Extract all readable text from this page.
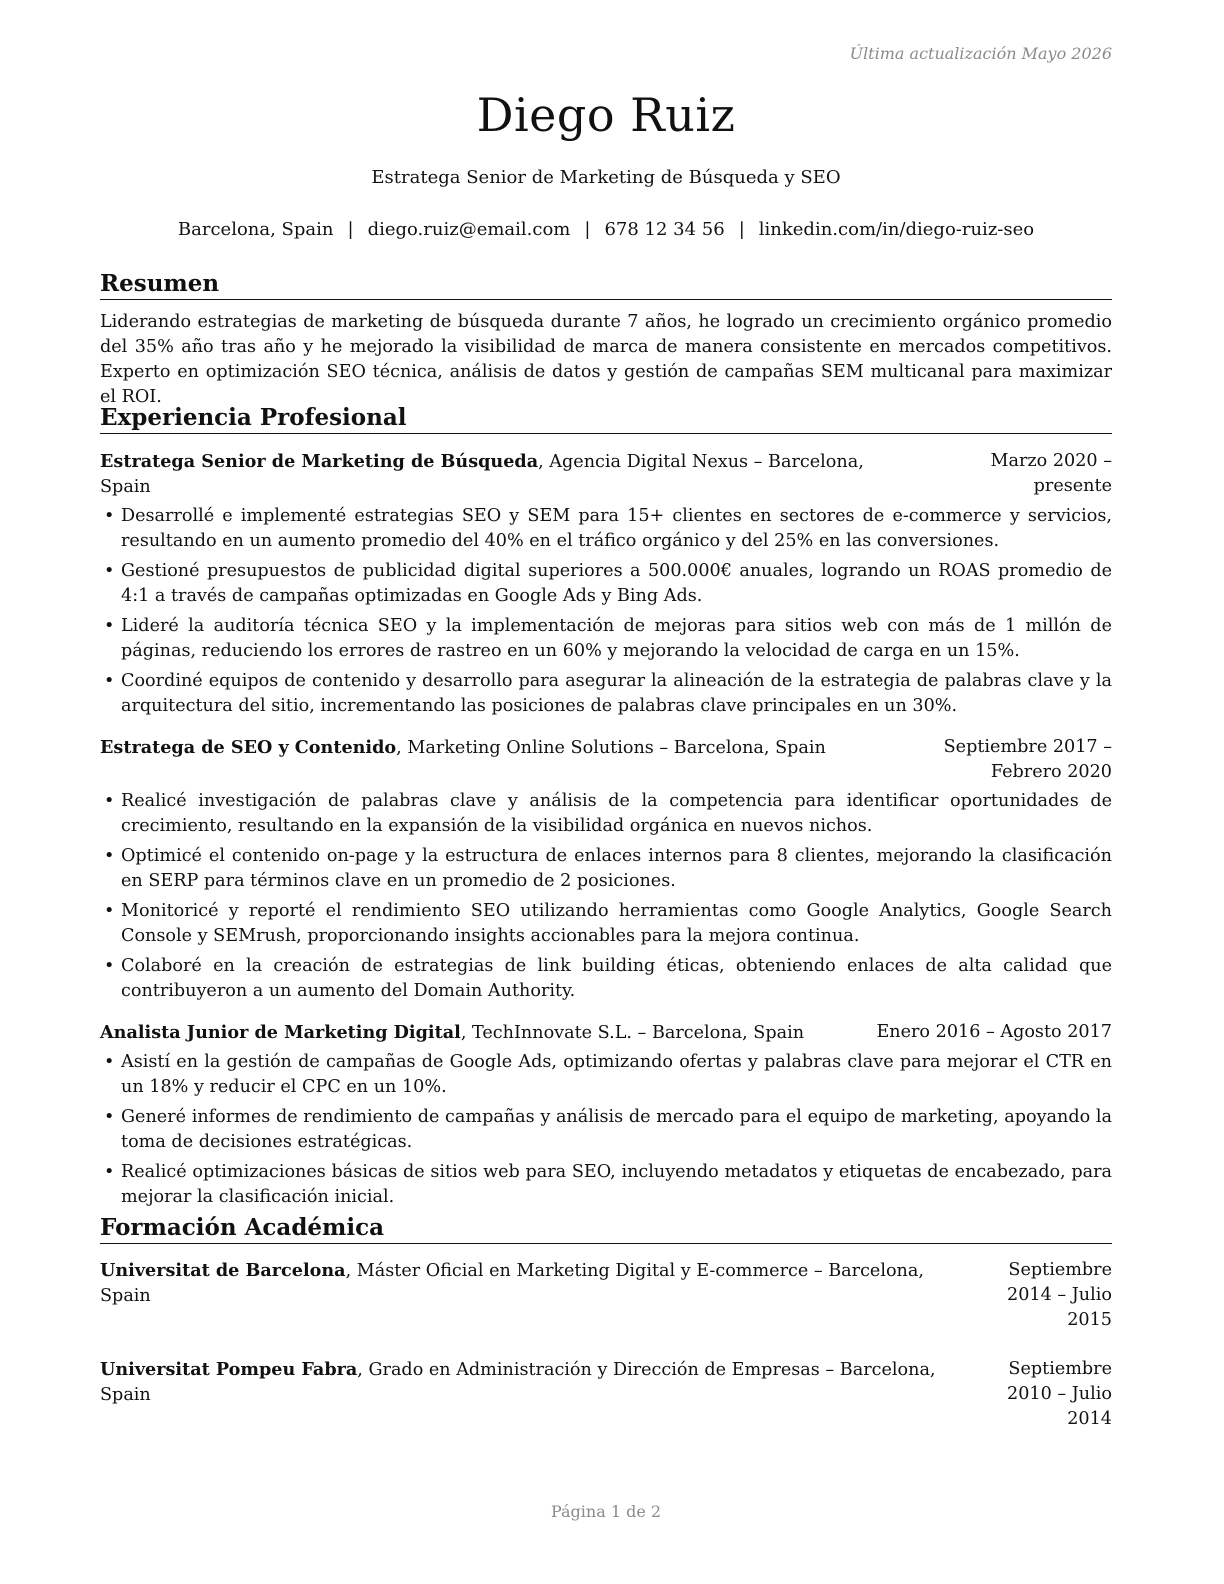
Última actualización Mayo 2026
Diego Ruiz
Estratega Senior de Marketing de Búsqueda y SEO
Barcelona, Spain | diego.ruiz@email.com | 678 12 34 56 | linkedin.com/in/diego-ruiz-seo
Resumen

Liderando estrategias de marketing de búsqueda durante 7 años, he logrado un crecimiento orgánico promedio del 35% año tras año y he mejorado la visibilidad de marca de manera consistente en mercados competitivos. Experto en optimización SEO técnica, análisis de datos y gestión de campañas SEM multicanal para maximizar el ROI.

Experiencia Profesional
Estratega Senior de Marketing de Búsqueda, Agencia Digital Nexus – Barcelona, Spain
Marzo 2020 – presente
• Desarrollé e implementé estrategias SEO y SEM para 15+ clientes en sectores de e-commerce y servicios, resultando en un aumento promedio del 40% en el tráfico orgánico y del 25% en las conversiones.
• Gestioné presupuestos de publicidad digital superiores a 500.000€ anuales, logrando un ROAS promedio de 4:1 a través de campañas optimizadas en Google Ads y Bing Ads.
• Lideré la auditoría técnica SEO y la implementación de mejoras para sitios web con más de 1 millón de páginas, reduciendo los errores de rastreo en un 60% y mejorando la velocidad de carga en un 15%.
• Coordiné equipos de contenido y desarrollo para asegurar la alineación de la estrategia de palabras clave y la arquitectura del sitio, incrementando las posiciones de palabras clave principales en un 30%.
Estratega de SEO y Contenido, Marketing Online Solutions – Barcelona, Spain	Septiembre 2017 – Febrero 2020
• Realicé investigación de palabras clave y análisis de la competencia para identificar oportunidades de crecimiento, resultando en la expansión de la visibilidad orgánica en nuevos nichos.
• Optimicé el contenido on-page y la estructura de enlaces internos para 8 clientes, mejorando la clasificación en SERP para términos clave en un promedio de 2 posiciones.
• Monitoricé y reporté el rendimiento SEO utilizando herramientas como Google Analytics, Google Search Console y SEMrush, proporcionando insights accionables para la mejora continua.
• Colaboré en la creación de estrategias de link building éticas, obteniendo enlaces de alta calidad que contribuyeron a un aumento del Domain Authority.
Analista Junior de Marketing Digital, TechInnovate S.L. – Barcelona, Spain	Enero 2016 – Agosto 2017
• Asistí en la gestión de campañas de Google Ads, optimizando ofertas y palabras clave para mejorar el CTR en un 18% y reducir el CPC en un 10%.
• Generé informes de rendimiento de campañas y análisis de mercado para el equipo de marketing, apoyando la toma de decisiones estratégicas.
• Realicé optimizaciones básicas de sitios web para SEO, incluyendo metadatos y etiquetas de encabezado, para mejorar la clasificación inicial.
Formación Académica
Universitat de Barcelona, Máster Oficial en Marketing Digital y E-commerce – Barcelona, Spain
Septiembre 2014 – Julio 2015
Universitat Pompeu Fabra, Grado en Administración y Dirección de Empresas – Barcelona, Spain
Septiembre 2010 – Julio 2014
Página 1 de 2
